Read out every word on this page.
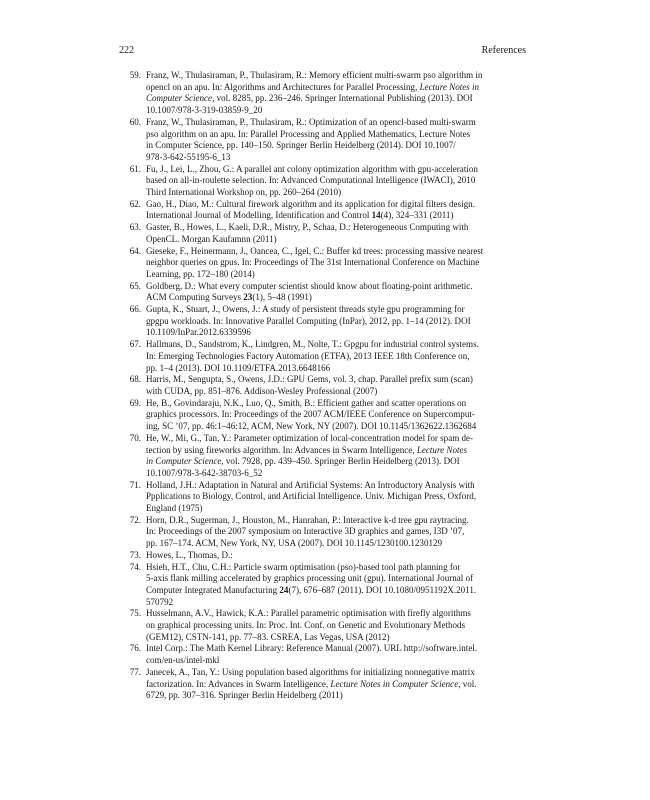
222	References
59. Franz, W., Thulasiraman, P., Thulasiram, R.: Memory efficient multi-swarm pso algorithm in
opencl on an apu. In: Algorithms and Architectures for Parallel Processing, Lecture Notes in
Computer Science, vol. 8285, pp. 236–246. Springer International Publishing (2013). DOI
10.1007/978-3-319-03859-9_20
60. Franz, W., Thulasiraman, P., Thulasiram, R.: Optimization of an opencl-based multi-swarm
pso algorithm on an apu. In: Parallel Processing and Applied Mathematics, Lecture Notes
in Computer Science, pp. 140–150. Springer Berlin Heidelberg (2014). DOI 10.1007/
978-3-642-55195-6_13
61. Fu, J., Lei, L., Zhou, G.: A parallel ant colony optimization algorithm with gpu-acceleration
based on all-in-roulette selection. In: Advanced Computational Intelligence (IWACI), 2010
Third International Workshop on, pp. 260–264 (2010)
62. Gao, H., Diao, M.: Cultural firework algorithm and its application for digital filters design.
International Journal of Modelling, Identification and Control 14(4), 324–331 (2011)
63. Gaster, B., Howes, L., Kaeli, D.R., Mistry, P., Schaa, D.: Heterogeneous Computing with
OpenCL. Morgan Kaufamnn (2011)
64. Gieseke, F., Heinermann, J., Oancea, C., Igel, C.: Buffer kd trees: processing massive nearest
neighbor queries on gpus. In: Proceedings of The 31st International Conference on Machine
Learning, pp. 172–180 (2014)
65. Goldberg, D.: What every computer scientist should know about floating-point arithmetic.
ACM Computing Surveys 23(1), 5–48 (1991)
66. Gupta, K., Stuart, J., Owens, J.: A study of persistent threads style gpu programming for
gpgpu workloads. In: Innovative Parallel Computing (InPar), 2012, pp. 1–14 (2012). DOI
10.1109/InPar.2012.6339596
67. Hallmans, D., Sandstrom, K., Lindgren, M., Nolte, T.: Gpgpu for industrial control systems.
In: Emerging Technologies Factory Automation (ETFA), 2013 IEEE 18th Conference on,
pp. 1–4 (2013). DOI 10.1109/ETFA.2013.6648166
68. Harris, M., Sengupta, S., Owens, J.D.: GPU Gems, vol. 3, chap. Parallel prefix sum (scan)
with CUDA, pp. 851–876. Addison-Wesley Professional (2007)
69. He, B., Govindaraju, N.K., Luo, Q., Smith, B.: Efficient gather and scatter operations on
graphics processors. In: Proceedings of the 2007 ACM/IEEE Conference on Supercomput-
ing, SC ’07, pp. 46:1–46:12, ACM, New York, NY (2007). DOI 10.1145/1362622.1362684
70. He, W., Mi, G., Tan, Y.: Parameter optimization of local-concentration model for spam de-
tection by using fireworks algorithm. In: Advances in Swarm Intelligence, Lecture Notes
in Computer Science, vol. 7928, pp. 439–450. Springer Berlin Heidelberg (2013). DOI
10.1007/978-3-642-38703-6_52
71. Holland, J.H.: Adaptation in Natural and Artificial Systems: An Introductory Analysis with
Ppplications to Biology, Control, and Artificial Intelligence. Univ. Michigan Press, Oxford,
England (1975)
72. Horn, D.R., Sugerman, J., Houston, M., Hanrahan, P.: Interactive k-d tree gpu raytracing.
In: Proceedings of the 2007 symposium on Interactive 3D graphics and games, I3D ’07,
pp. 167–174. ACM, New York, NY, USA (2007). DOI 10.1145/1230100.1230129
73. Howes, L., Thomas, D.:
74. Hsieh, H.T., Chu, C.H.: Particle swarm optimisation (pso)-based tool path planning for
5-axis flank milling accelerated by graphics processing unit (gpu). International Journal of
Computer Integrated Manufacturing 24(7), 676–687 (2011). DOI 10.1080/0951192X.2011.
570792
75. Husselmann, A.V., Hawick, K.A.: Parallel parametric optimisation with firefly algorithms
on graphical processing units. In: Proc. Int. Conf. on Genetic and Evolutionary Methods
(GEM12), CSTN-141, pp. 77–83. CSREA, Las Vegas, USA (2012)
76. Intel Corp.: The Math Kernel Library: Reference Manual (2007). URL http://software.intel.
com/en-us/intel-mkl
77. Janecek, A., Tan, Y.: Using population based algorithms for initializing nonnegative matrix
factorization. In: Advances in Swarm Intelligence, Lecture Notes in Computer Science, vol.
6729, pp. 307–316. Springer Berlin Heidelberg (2011)
